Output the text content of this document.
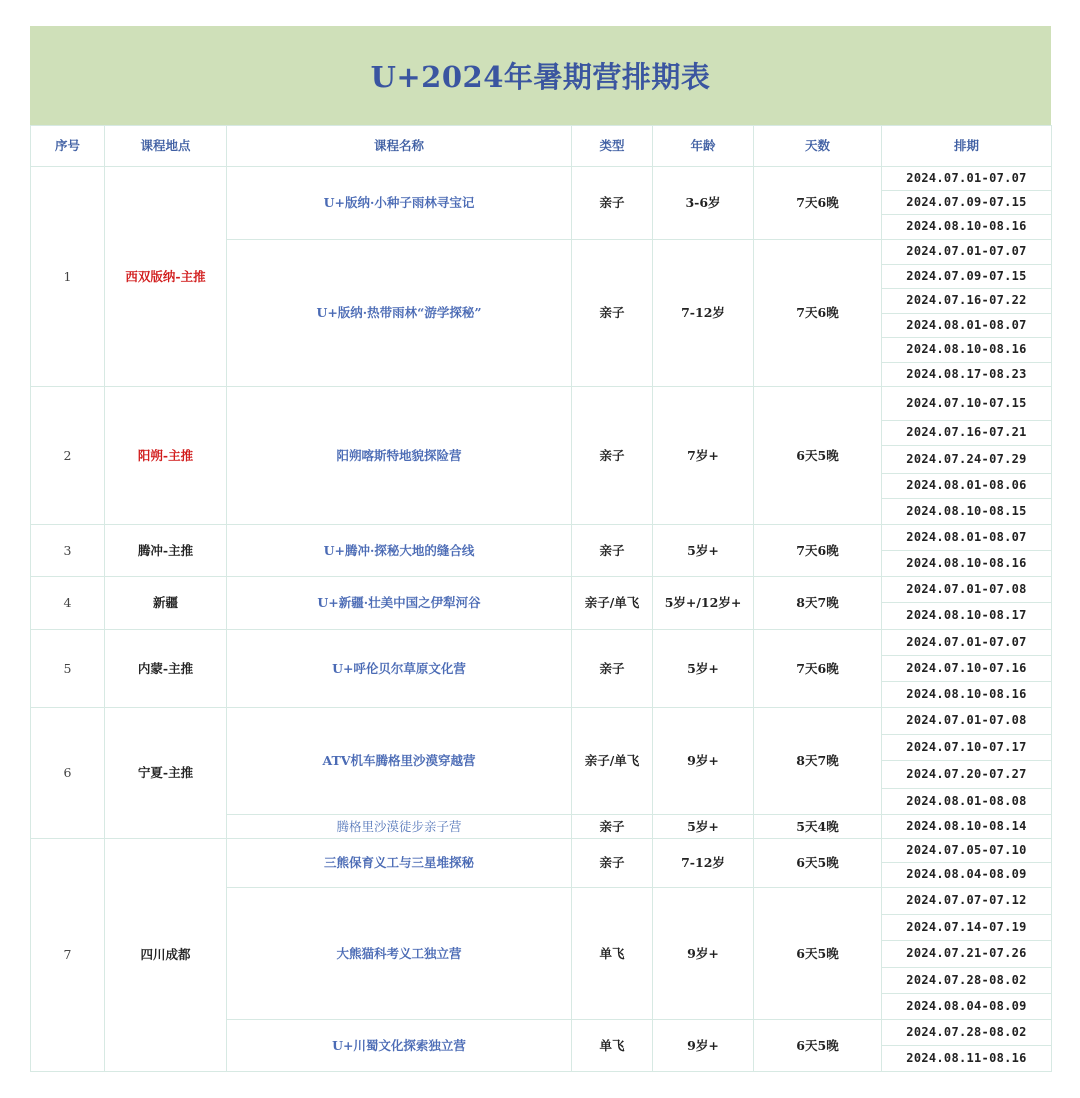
U+2024年暑期营排期表
序号	课程地点	课程名称	类型	年龄	天数	排期
1	西双版纳-主推	U+版纳·小种子雨林寻宝记	亲子	3-6岁	7天6晚	2024.07.01-07.07
						2024.07.09-07.15
						2024.08.10-08.16
		U+版纳·热带雨林“游学探秘”	亲子	7-12岁	7天6晚	2024.07.01-07.07
						2024.07.09-07.15
						2024.07.16-07.22
						2024.08.01-08.07
						2024.08.10-08.16
						2024.08.17-08.23
2	阳朔-主推	阳朔喀斯特地貌探险营	亲子	7岁+	6天5晚	2024.07.10-07.15
						2024.07.16-07.21
						2024.07.24-07.29
						2024.08.01-08.06
						2024.08.10-08.15
3	腾冲-主推	U+腾冲·探秘大地的缝合线	亲子	5岁+	7天6晚	2024.08.01-08.07
						2024.08.10-08.16
4	新疆	U+新疆·壮美中国之伊犁河谷	亲子/单飞	5岁+/12岁+	8天7晚	2024.07.01-07.08
						2024.08.10-08.17
5	内蒙-主推	U+呼伦贝尔草原文化营	亲子	5岁+	7天6晚	2024.07.01-07.07
						2024.07.10-07.16
						2024.08.10-08.16
6	宁夏-主推	ATV机车腾格里沙漠穿越营	亲子/单飞	9岁+	8天7晚	2024.07.01-07.08
						2024.07.10-07.17
						2024.07.20-07.27
						2024.08.01-08.08
		腾格里沙漠徒步亲子营	亲子	5岁+	5天4晚	2024.08.10-08.14
7	四川成都	三熊保育义工与三星堆探秘	亲子	7-12岁	6天5晚	2024.07.05-07.10
						2024.08.04-08.09
		大熊猫科考义工独立营	单飞	9岁+	6天5晚	2024.07.07-07.12
						2024.07.14-07.19
						2024.07.21-07.26
						2024.07.28-08.02
						2024.08.04-08.09
		U+川蜀文化探索独立营	单飞	9岁+	6天5晚	2024.07.28-08.02
						2024.08.11-08.16
